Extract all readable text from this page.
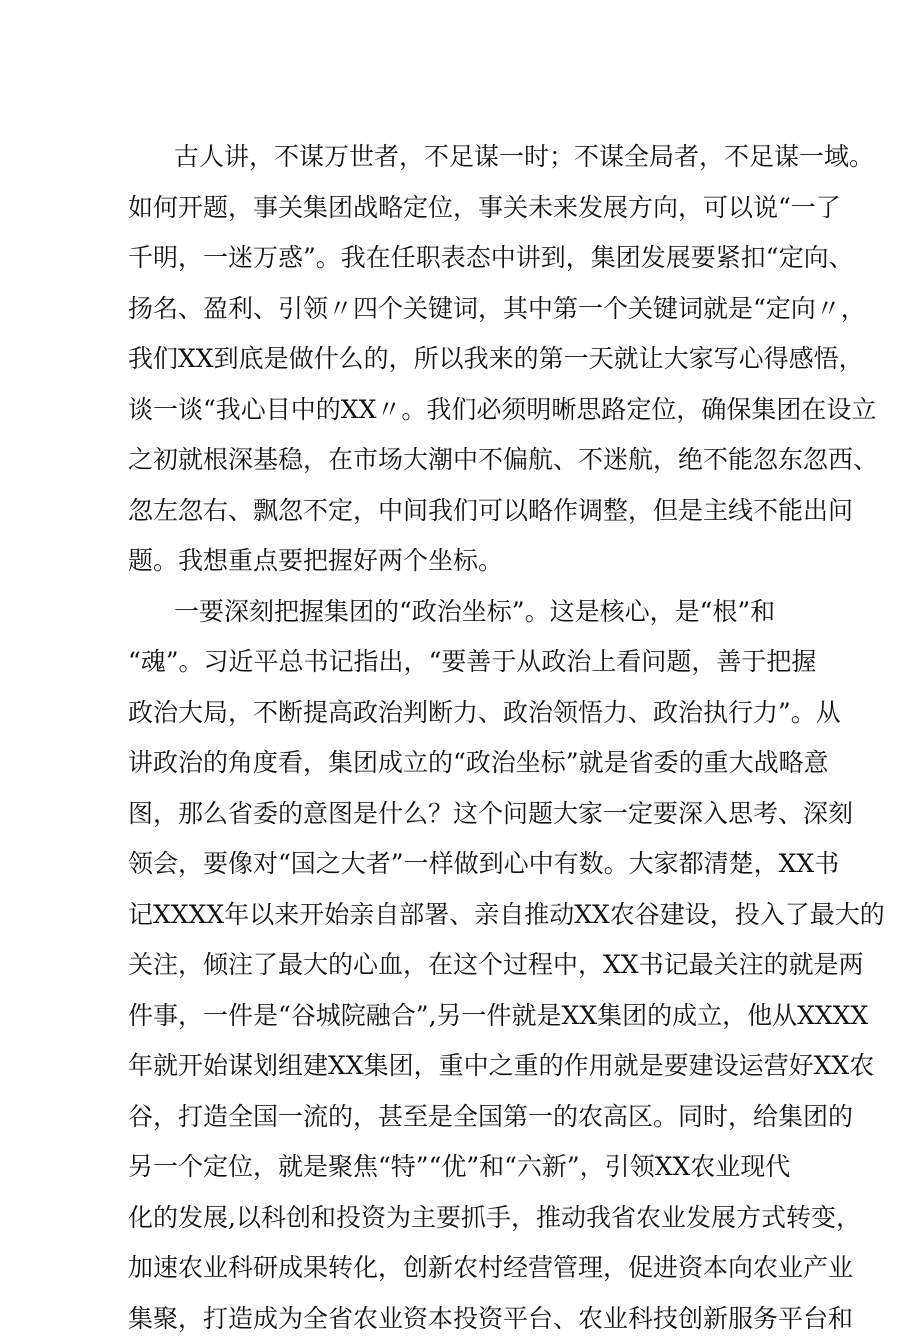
古人讲，不谋万世者，不足谋一时；不谋全局者，不足谋一域。
如何开题，事关集团战略定位，事关未来发展方向，可以说“一了
千明，一迷万惑”。我在任职表态中讲到，集团发展要紧扣“定向、
扬名、盈利、引领〃四个关键词，其中第一个关键词就是“定向〃，
我们XX到底是做什么的，所以我来的第一天就让大家写心得感悟，
谈一谈“我心目中的XX〃。我们必须明晰思路定位，确保集团在设立
之初就根深基稳，在市场大潮中不偏航、不迷航，绝不能忽东忽西、
忽左忽右、飘忽不定，中间我们可以略作调整，但是主线不能出问
题。我想重点要把握好两个坐标。
一要深刻把握集团的“政治坐标”。这是核心，是“根”和
“魂”。习近平总书记指出，“要善于从政治上看问题，善于把握
政治大局，不断提高政治判断力、政治领悟力、政治执行力”。从
讲政治的角度看，集团成立的“政治坐标”就是省委的重大战略意
图，那么省委的意图是什么？这个问题大家一定要深入思考、深刻
领会，要像对“国之大者”一样做到心中有数。大家都清楚，XX书
记XXXX年以来开始亲自部署、亲自推动XX农谷建设，投入了最大的
关注，倾注了最大的心血，在这个过程中，XX书记最关注的就是两
件事，一件是“谷城院融合”,另一件就是XX集团的成立，他从XXXX
年就开始谋划组建XX集团，重中之重的作用就是要建设运营好XX农
谷，打造全国一流的，甚至是全国第一的农高区。同时，给集团的
另一个定位，就是聚焦“特”“优”和“六新”，引领XX农业现代
化的发展,以科创和投资为主要抓手，推动我省农业发展方式转变，
加速农业科研成果转化，创新农村经营管理，促进资本向农业产业
集聚，打造成为全省农业资本投资平台、农业科技创新服务平台和
